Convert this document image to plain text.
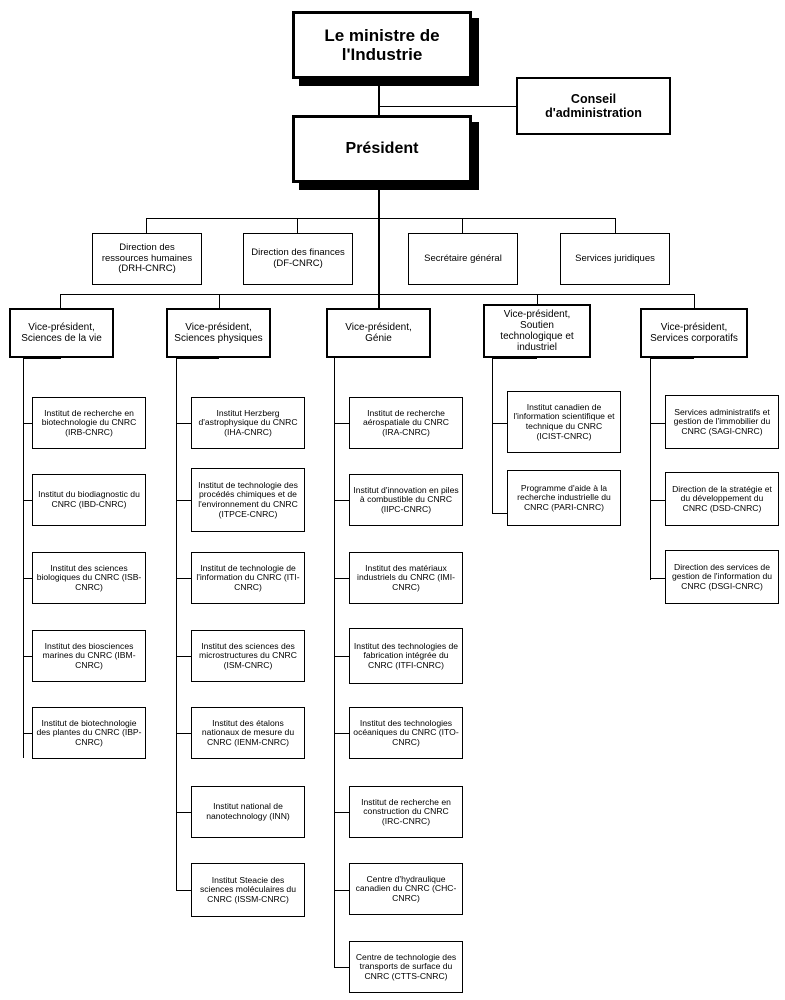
Le ministre de l'Industrie
Conseil d'administration
Président
Direction des ressources humaines (DRH-CNRC)
Direction des finances (DF-CNRC)	Secrétaire général	Services juridiques
Vice-président, Sciences de la vie
Vice-président, Sciences physiques
Vice-président, Génie
Vice-président, Soutien technologique et industriel
Vice-président, Services corporatifs
Institut de recherche en biotechnologie du CNRC (IRB-CNRC)
Institut du biodiagnostic du CNRC (IBD-CNRC)
Institut des sciences biologiques du CNRC (ISB-CNRC)
Institut des biosciences marines du CNRC (IBM-CNRC)
Institut de biotechnologie des plantes du CNRC (IBP-CNRC)
Institut Herzberg d'astrophysique du CNRC (IHA-CNRC)
Institut de technologie des procédés chimiques et de l'environnement du CNRC (ITPCE-CNRC)
Institut de technologie de l'information du CNRC (ITI-CNRC)
Institut des sciences des microstructures du CNRC (ISM-CNRC)
Institut des étalons nationaux de mesure du CNRC (IENM-CNRC)
Institut national de nanotechnology (INN)
Institut Steacie des sciences moléculaires du CNRC (ISSM-CNRC)
Institut de recherche aérospatiale du CNRC (IRA-CNRC)
Institut d'innovation en piles à combustible du CNRC (IIPC-CNRC)
Institut des matériaux industriels du CNRC (IMI-CNRC)
Institut des technologies de fabrication intégrée du CNRC (ITFI-CNRC)
Institut des technologies océaniques du CNRC (ITO-CNRC)
Institut de recherche en construction du CNRC (IRC-CNRC)
Centre d'hydraulique canadien du CNRC (CHC-CNRC)
Centre de technologie des transports de surface du CNRC (CTTS-CNRC)
Institut canadien de l'information scientifique et technique du CNRC (ICIST-CNRC)
Programme d'aide à la recherche industrielle du CNRC (PARI-CNRC)
Services administratifs et gestion de l'immobilier du CNRC (SAGI-CNRC)
Direction de la stratégie et du développement du CNRC (DSD-CNRC)
Direction des services de gestion de l'information du CNRC (DSGI-CNRC)
